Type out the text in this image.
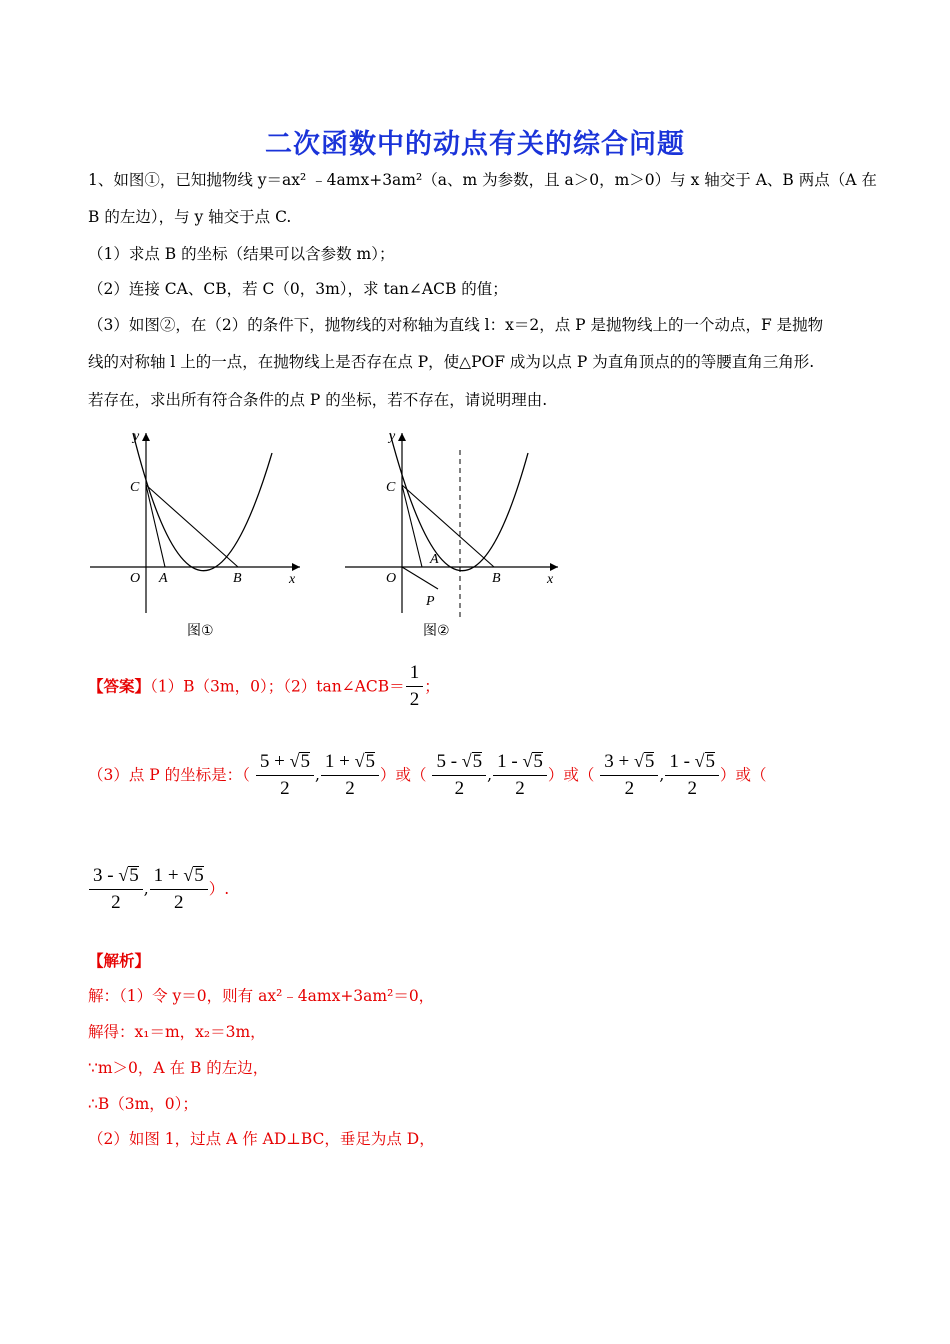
二次函数中的动点有关的综合问题
1、如图①，已知抛物线 y＝ax² ﹣4amx+3am²（a、m 为参数，且 a＞0，m＞0）与 x 轴交于 A、B 两点（A 在
B 的左边），与 y 轴交于点 C.
（1）求点 B 的坐标（结果可以含参数 m）；
（2）连接 CA、CB，若 C（0，3m），求 tan∠ACB 的值；
（3）如图②，在（2）的条件下，抛物线的对称轴为直线 l：x＝2，点 P 是抛物线上的一个动点，F 是抛物
线的对称轴 l 上的一点，在抛物线上是否存在点 P，使△POF 成为以点 P 为直角顶点的的等腰直角三角形.
若存在，求出所有符合条件的点 P 的坐标，若不存在，请说明理由.
y
x
O A	B
C
图①
y
x
O
A
B
C
P
图②
【答案】（1）B（3m，0）；（2）tan∠ACB＝ $\frac{1}{2}$ ；
（3）点 P 的坐标是：（ $\frac{5 + √5}{2}$ , $\frac{1 + √5}{2}$ ）或（ $\frac{5 - √5}{2}$ , $\frac{1 - √5}{2}$ ）或（ $\frac{3 + √5}{2}$ , $\frac{1 - √5}{2}$ ）或（
$\frac{3 - √5}{2}$ , $\frac{1 + √5}{2}$ ）.
【解析】
解：（1）令 y＝0，则有 ax²﹣4amx+3am²＝0，
解得：x₁＝m，x₂＝3m，
∵m＞0，A 在 B 的左边，
∴B（3m，0）；
（2）如图 1，过点 A 作 AD⊥BC，垂足为点 D，
